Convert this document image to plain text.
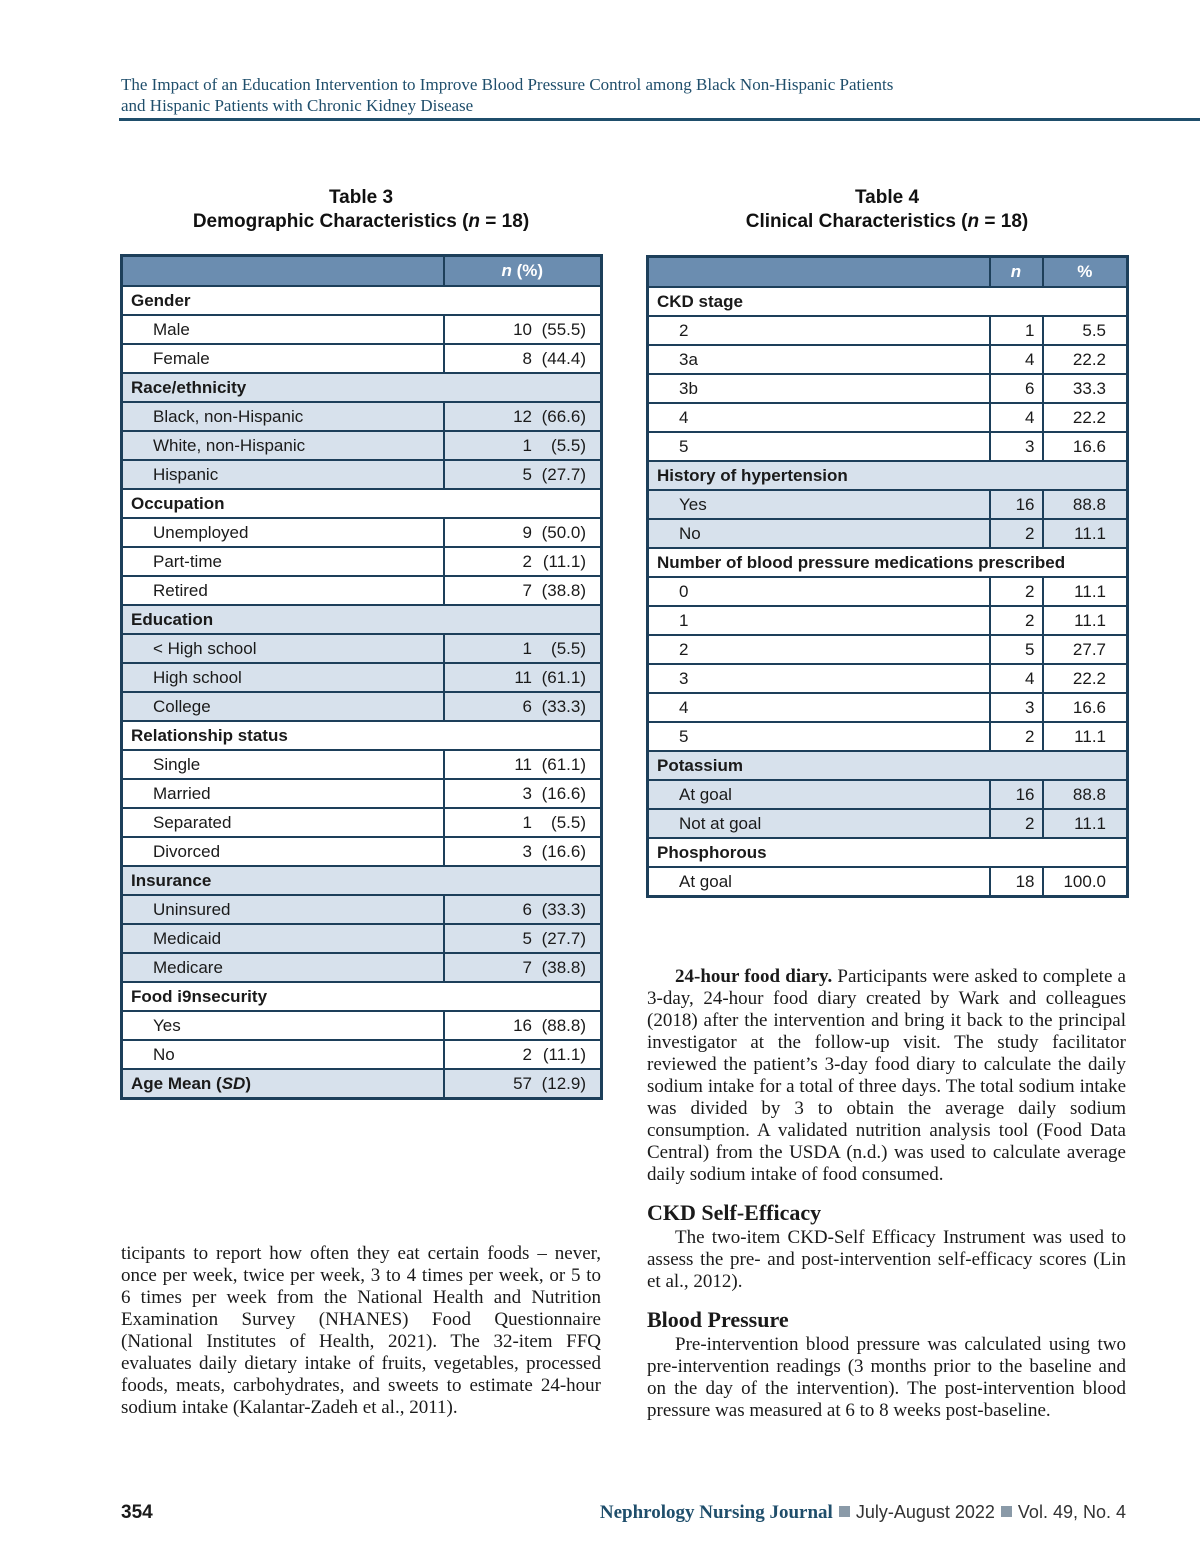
The Impact of an Education Intervention to Improve Blood Pressure Control among Black Non-Hispanic Patients
and Hispanic Patients with Chronic Kidney Disease
Table 3
Demographic Characteristics (n = 18)
	n (%)
Gender	
Male	10 (55.5)
Female	8 (44.4)
Race/ethnicity	
Black, non-Hispanic	12 (66.6)
White, non-Hispanic	1 (5.5)
Hispanic	5 (27.7)
Occupation	
Unemployed	9 (50.0)
Part-time	2 (11.1)
Retired	7 (38.8)
Education	
< High school	1 (5.5)
High school	11 (61.1)
College	6 (33.3)
Relationship status	
Single	11 (61.1)
Married	3 (16.6)
Separated	1 (5.5)
Divorced	3 (16.6)
Insurance	
Uninsured	6 (33.3)
Medicaid	5 (27.7)
Medicare	7 (38.8)
Food i9nsecurity	
Yes	16 (88.8)
No	2 (11.1)
Age Mean (SD)	57 (12.9)
Table 4
Clinical Characteristics (n = 18)
	n	%
CKD stage		
2	1	5.5
3a	4	22.2
3b	6	33.3
4	4	22.2
5	3	16.6
History of hypertension		
Yes	16	88.8
No	2	11.1
Number of blood pressure medications prescribed		
0	2	11.1
1	2	11.1
2	5	27.7
3	4	22.2
4	3	16.6
5	2	11.1
Potassium		
At goal	16	88.8
Not at goal	2	11.1
Phosphorous		
At goal	18	100.0
ticipants to report how often they eat certain foods – never, once per week, twice per week, 3 to 4 times per week, or 5 to 6 times per week from the National Health and Nutrition Examination Survey (NHANES) Food Questionnaire (National Institutes of Health, 2021). The 32-item FFQ evaluates daily dietary intake of fruits, vegetables, processed foods, meats, carbohydrates, and sweets to estimate 24-hour sodium intake (Kalantar-Zadeh et al., 2011).
24-hour food diary. Participants were asked to complete a 3-day, 24-hour food diary created by Wark and colleagues (2018) after the intervention and bring it back to the principal investigator at the follow-up visit. The study facilitator reviewed the patient’s 3-day food diary to calculate the daily sodium intake for a total of three days. The total sodium intake was divided by 3 to obtain the average daily sodium consumption. A validated nutrition analysis tool (Food Data Central) from the USDA (n.d.) was used to calculate average daily sodium intake of food consumed.
CKD Self-Efficacy
The two-item CKD-Self Efficacy Instrument was used to assess the pre- and post-intervention self-efficacy scores (Lin et al., 2012).
Blood Pressure
Pre-intervention blood pressure was calculated using two pre-intervention readings (3 months prior to the baseline and on the day of the intervention). The post-intervention blood pressure was measured at 6 to 8 weeks post-baseline.
354	Nephrology Nursing Journal July-August 2022 Vol. 49, No. 4
